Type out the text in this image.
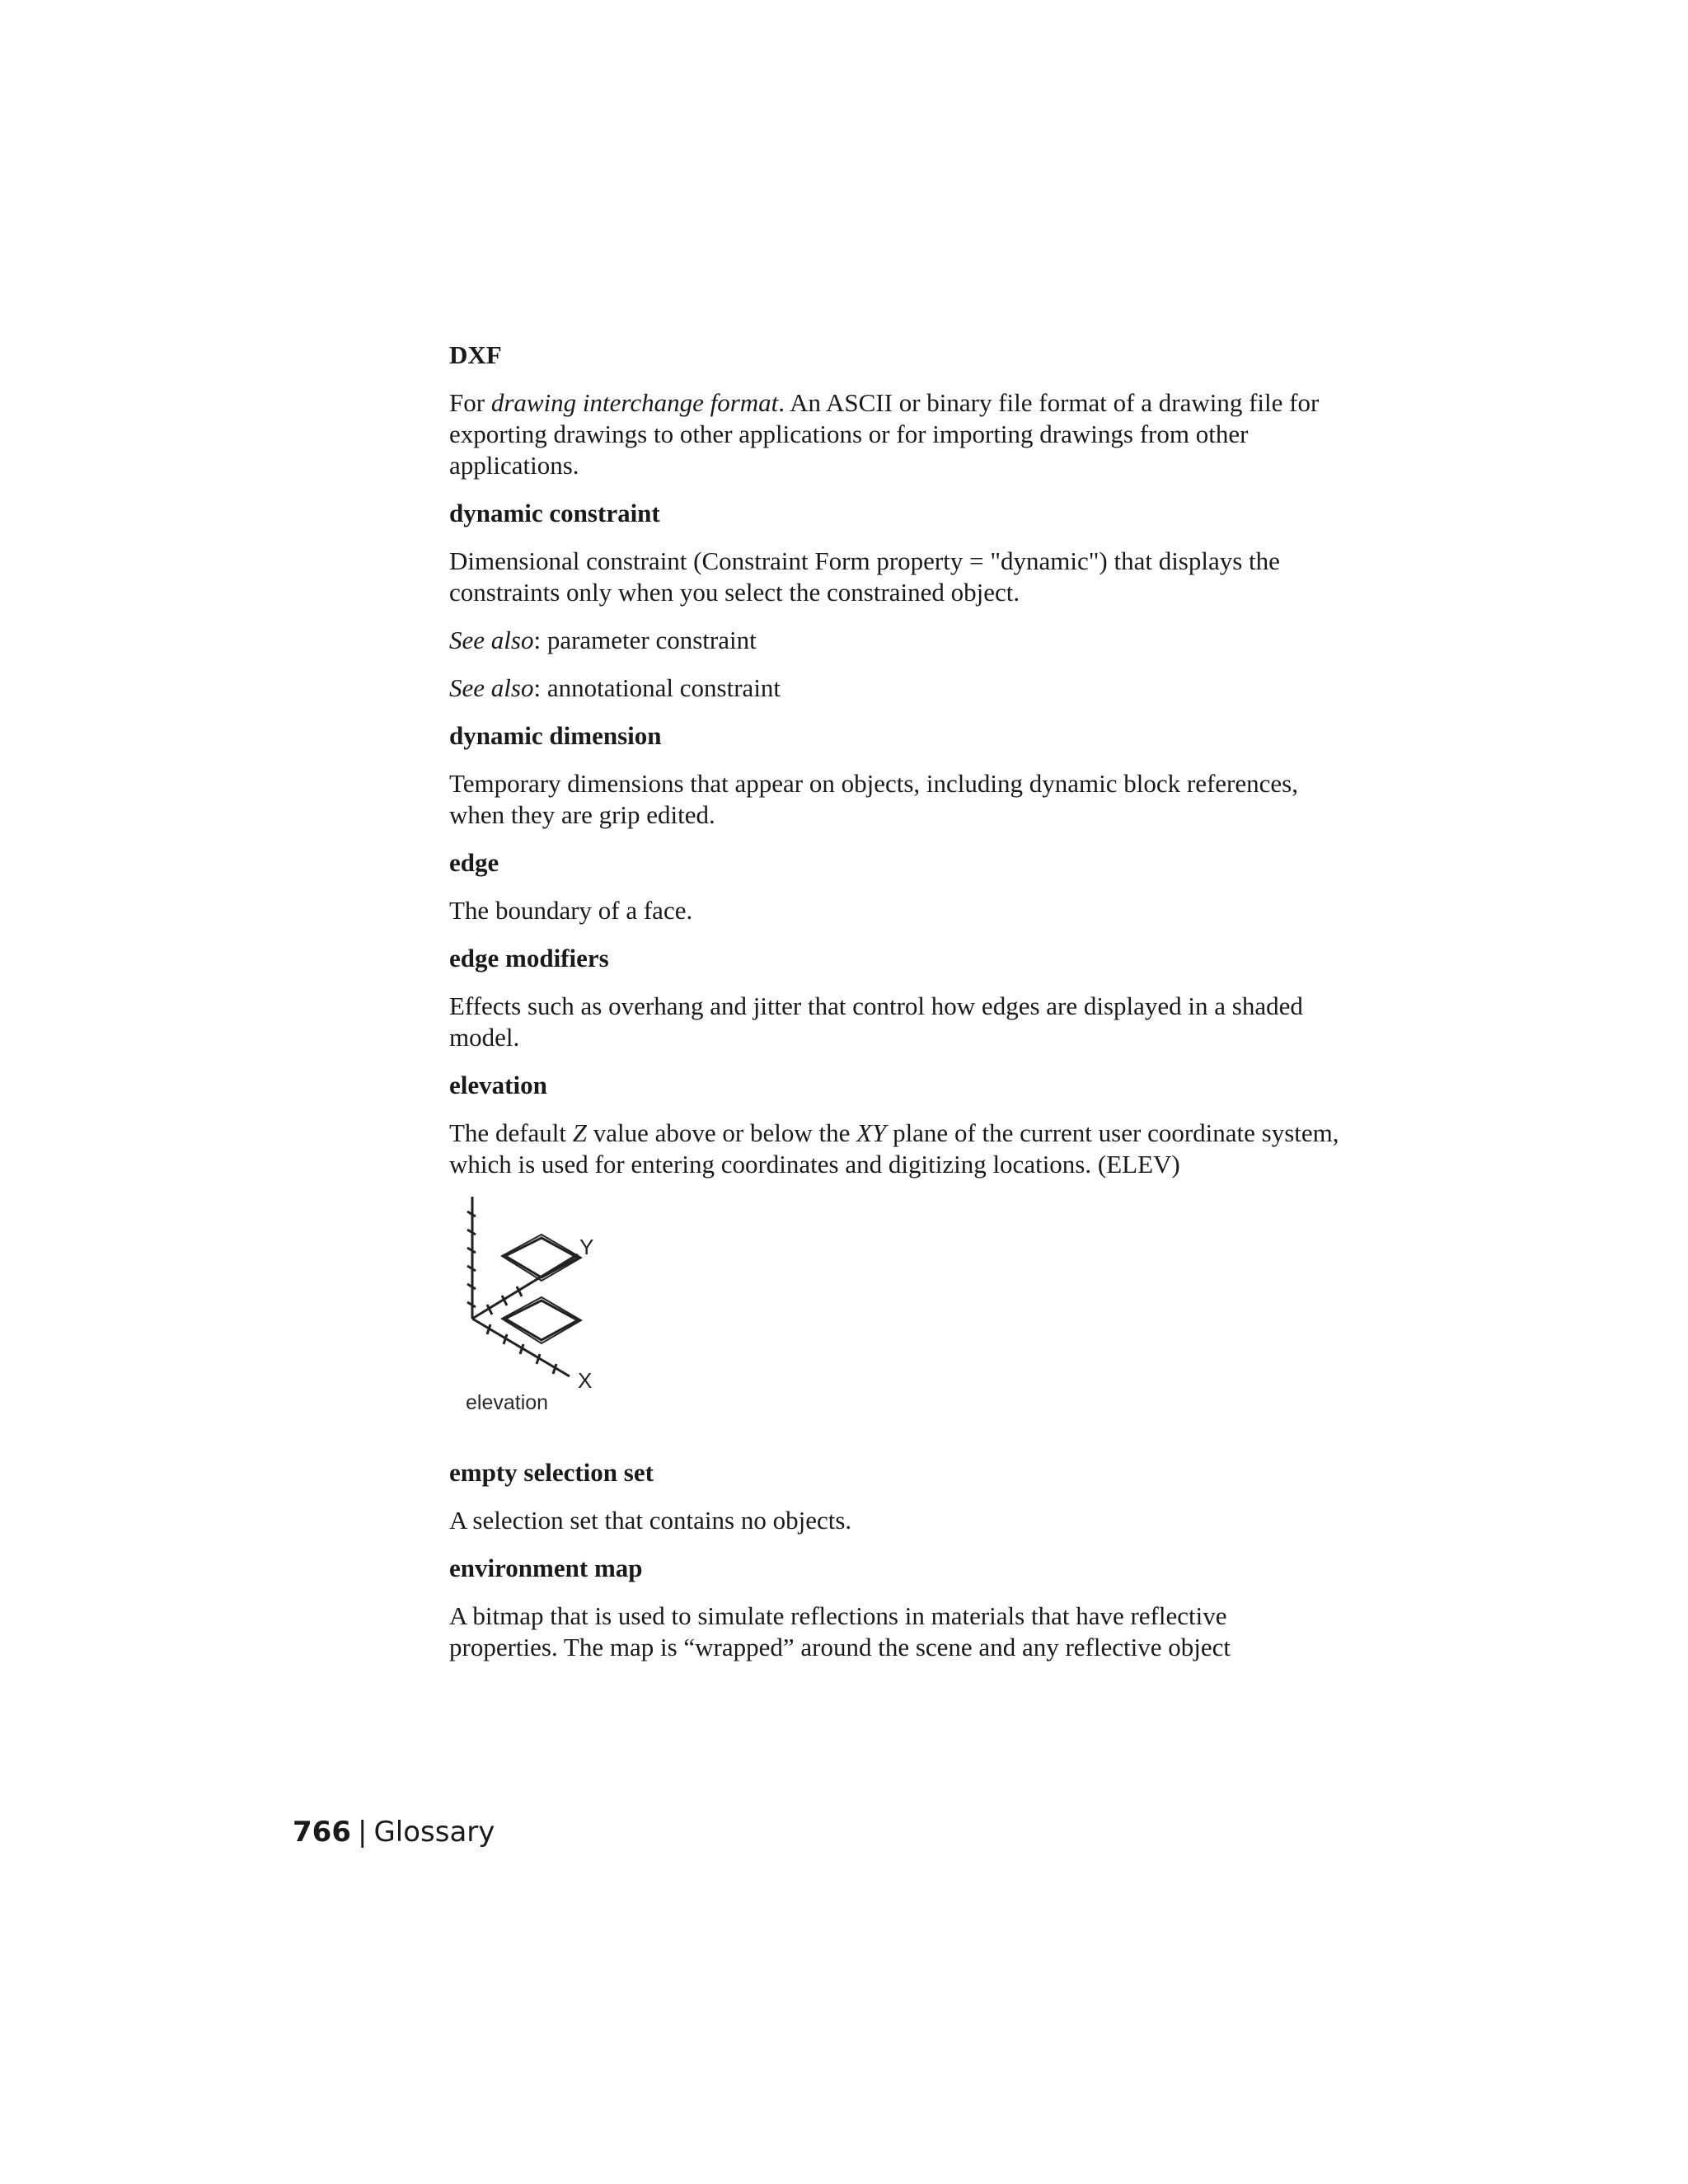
DXF
For drawing interchange format. An ASCII or binary file format of a drawing file for exporting drawings to other applications or for importing drawings from other applications.
dynamic constraint
Dimensional constraint (Constraint Form property = "dynamic") that displays the constraints only when you select the constrained object.
See also: parameter constraint
See also: annotational constraint
dynamic dimension
Temporary dimensions that appear on objects, including dynamic block references, when they are grip edited.
edge
The boundary of a face.
edge modifiers
Effects such as overhang and jitter that control how edges are displayed in a shaded model.
elevation
The default Z value above or below the XY plane of the current user coordinate system, which is used for entering coordinates and digitizing locations. (ELEV)
Y
X
elevation
empty selection set
A selection set that contains no objects.
environment map
A bitmap that is used to simulate reflections in materials that have reflective properties. The map is “wrapped” around the scene and any reflective object
766 | Glossary
